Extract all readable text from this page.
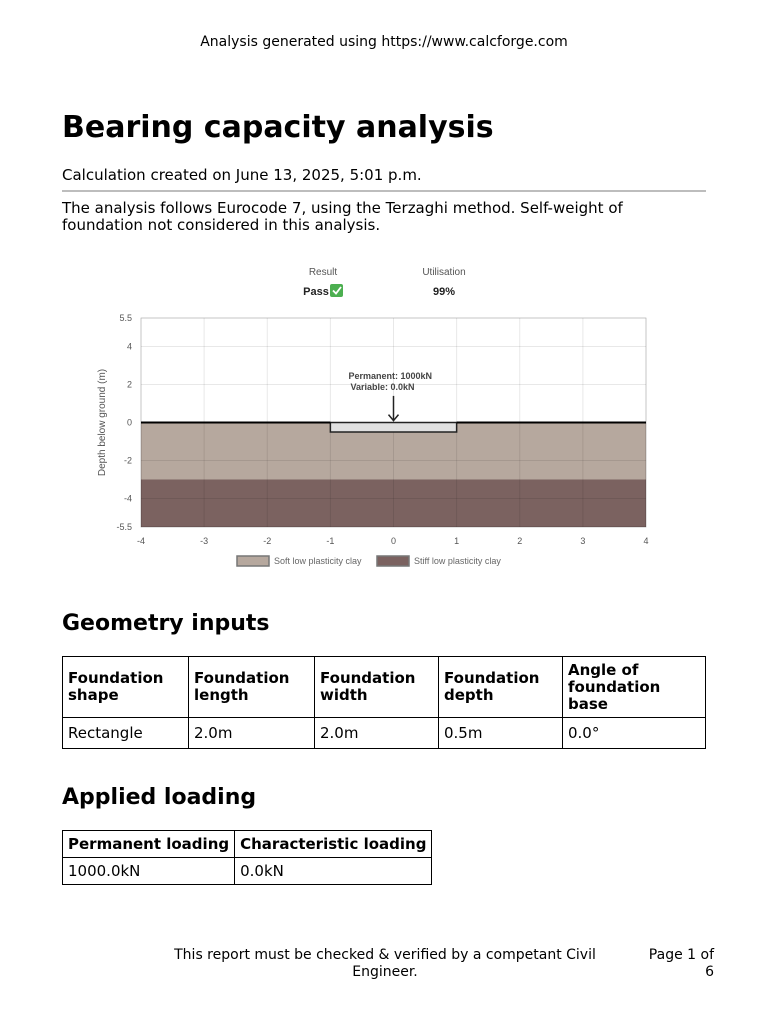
Analysis generated using https://www.calcforge.com
Bearing capacity analysis
Calculation created on June 13, 2025, 5:01 p.m.
The analysis follows Eurocode 7, using the Terzaghi method. Self-weight of foundation not considered in this analysis.
Result
Pass
Utilisation
99%
-4	-3	-2	-1	0	1	2	3	4
5.5
4
2
0
-2
-4
-5.5
Permanent: 1000kN
Variable: 0.0kN
Soft low plasticity clay	Stiff low plasticity clay
Depth below ground (m)
Geometry inputs
Foundation shape	Foundation length	Foundation width	Foundation depth	Angle of foundation base
Rectangle	2.0m	2.0m	0.5m	0.0°
Applied loading
Permanent loading	Characteristic loading
1000.0kN	0.0kN
This report must be checked & verified by a competant Civil Engineer.
Page 1 of 6
